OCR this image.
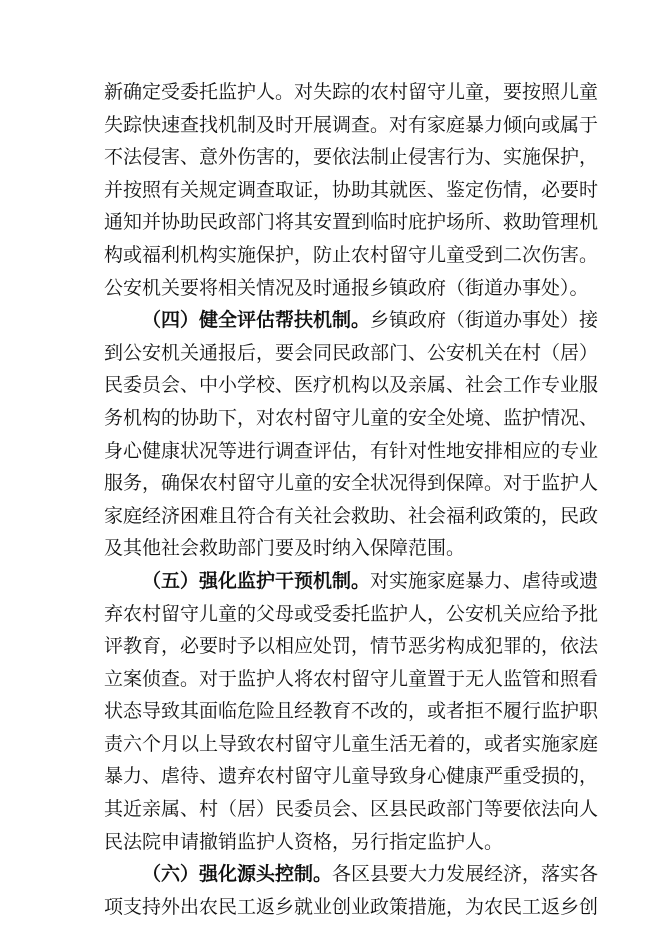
新确定受委托监护人。对失踪的农村留守儿童，要按照儿童
失踪快速查找机制及时开展调查。对有家庭暴力倾向或属于
不法侵害、意外伤害的，要依法制止侵害行为、实施保护，
并按照有关规定调查取证，协助其就医、鉴定伤情，必要时
通知并协助民政部门将其安置到临时庇护场所、救助管理机
构或福利机构实施保护，防止农村留守儿童受到二次伤害。
公安机关要将相关情况及时通报乡镇政府（街道办事处）。
（四）健全评估帮扶机制。乡镇政府（街道办事处）接
到公安机关通报后，要会同民政部门、公安机关在村（居）
民委员会、中小学校、医疗机构以及亲属、社会工作专业服
务机构的协助下，对农村留守儿童的安全处境、监护情况、
身心健康状况等进行调查评估，有针对性地安排相应的专业
服务，确保农村留守儿童的安全状况得到保障。对于监护人
家庭经济困难且符合有关社会救助、社会福利政策的，民政
及其他社会救助部门要及时纳入保障范围。
（五）强化监护干预机制。对实施家庭暴力、虐待或遗
弃农村留守儿童的父母或受委托监护人，公安机关应给予批
评教育，必要时予以相应处罚，情节恶劣构成犯罪的，依法
立案侦查。对于监护人将农村留守儿童置于无人监管和照看
状态导致其面临危险且经教育不改的，或者拒不履行监护职
责六个月以上导致农村留守儿童生活无着的，或者实施家庭
暴力、虐待、遗弃农村留守儿童导致身心健康严重受损的，
其近亲属、村（居）民委员会、区县民政部门等要依法向人
民法院申请撤销监护人资格，另行指定监护人。
（六）强化源头控制。各区县要大力发展经济，落实各
项支持外出农民工返乡就业创业政策措施，为农民工返乡创
